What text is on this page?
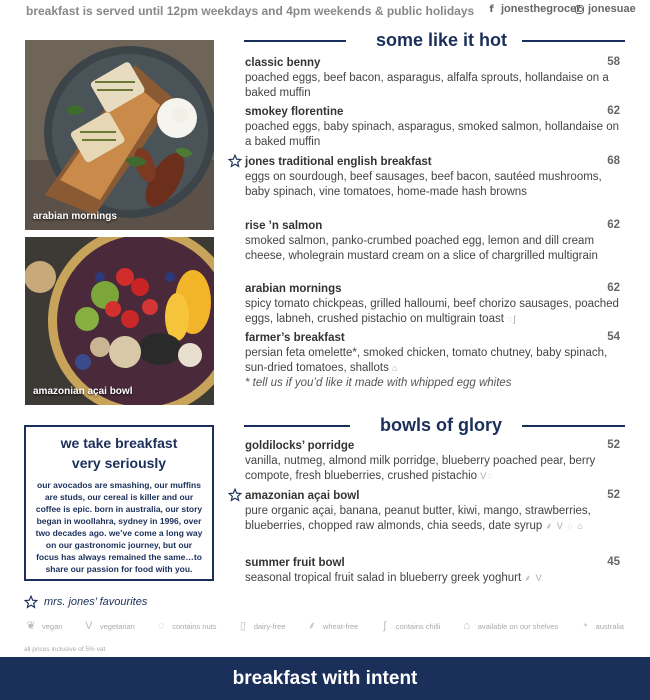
breakfast is served until 12pm weekdays and 4pm weekends & public holidays	f jonesthegrocer jonesuae
arabian mornings
amazonian açai bowl
some like it hot
classic benny
poached eggs, beef bacon, asparagus, alfalfa sprouts, hollandaise on a baked muffin
58
smokey florentine
poached eggs, baby spinach, asparagus, smoked salmon, hollandaise on a baked muffin
62
jones traditional english breakfast
eggs on sourdough, beef sausages, beef bacon, sautéed mushrooms, baby spinach, vine tomatoes, home-made hash browns
68
rise ’n salmon
smoked salmon, panko-crumbed poached egg, lemon and dill cream cheese, wholegrain mustard cream on a slice of chargrilled multigrain
62
arabian mornings
spicy tomato chickpeas, grilled halloumi, beef chorizo sausages, poached eggs, labneh, crushed pistachio on multigrain toast ◌ʃ
62
farmer’s breakfast
persian feta omelette*, smoked chicken, tomato chutney, baby spinach, sun-dried tomatoes, shallots ⌂
* tell us if you’d like it made with whipped egg whites
54
bowls of glory
goldilocks’ porridge
vanilla, nutmeg, almond milk porridge, blueberry poached pear, berry compote, fresh blueberries, crushed pistachio V◌
52
amazonian açai bowl
pure organic açai, banana, peanut butter, kiwi, mango, strawberries, blueberries, chopped raw almonds, chia seeds, date syrup ⸙ V ◌ ⌂
52
summer fruit bowl
seasonal tropical fruit salad in blueberry greek yoghurt ⸙ V
45
we take breakfast
very seriously
our avocados are smashing, our muffins are studs, our cereal is killer and our coffee is epic. born in australia, our story began in woollahra, sydney in 1996, over two decades ago. we’ve come a long way on our gastronomic journey, but our focus has always remained the same…to share our passion for food with you.
mrs. jones’ favourites
❦ vegan	V vegetarian	◌	contains nuts	▯	dairy-free ⸙ wheat-free	ʃ	contains chilli	⌂	available on our shelves	◔	australia
all prices inclusive of 5% vat
breakfast with intent
